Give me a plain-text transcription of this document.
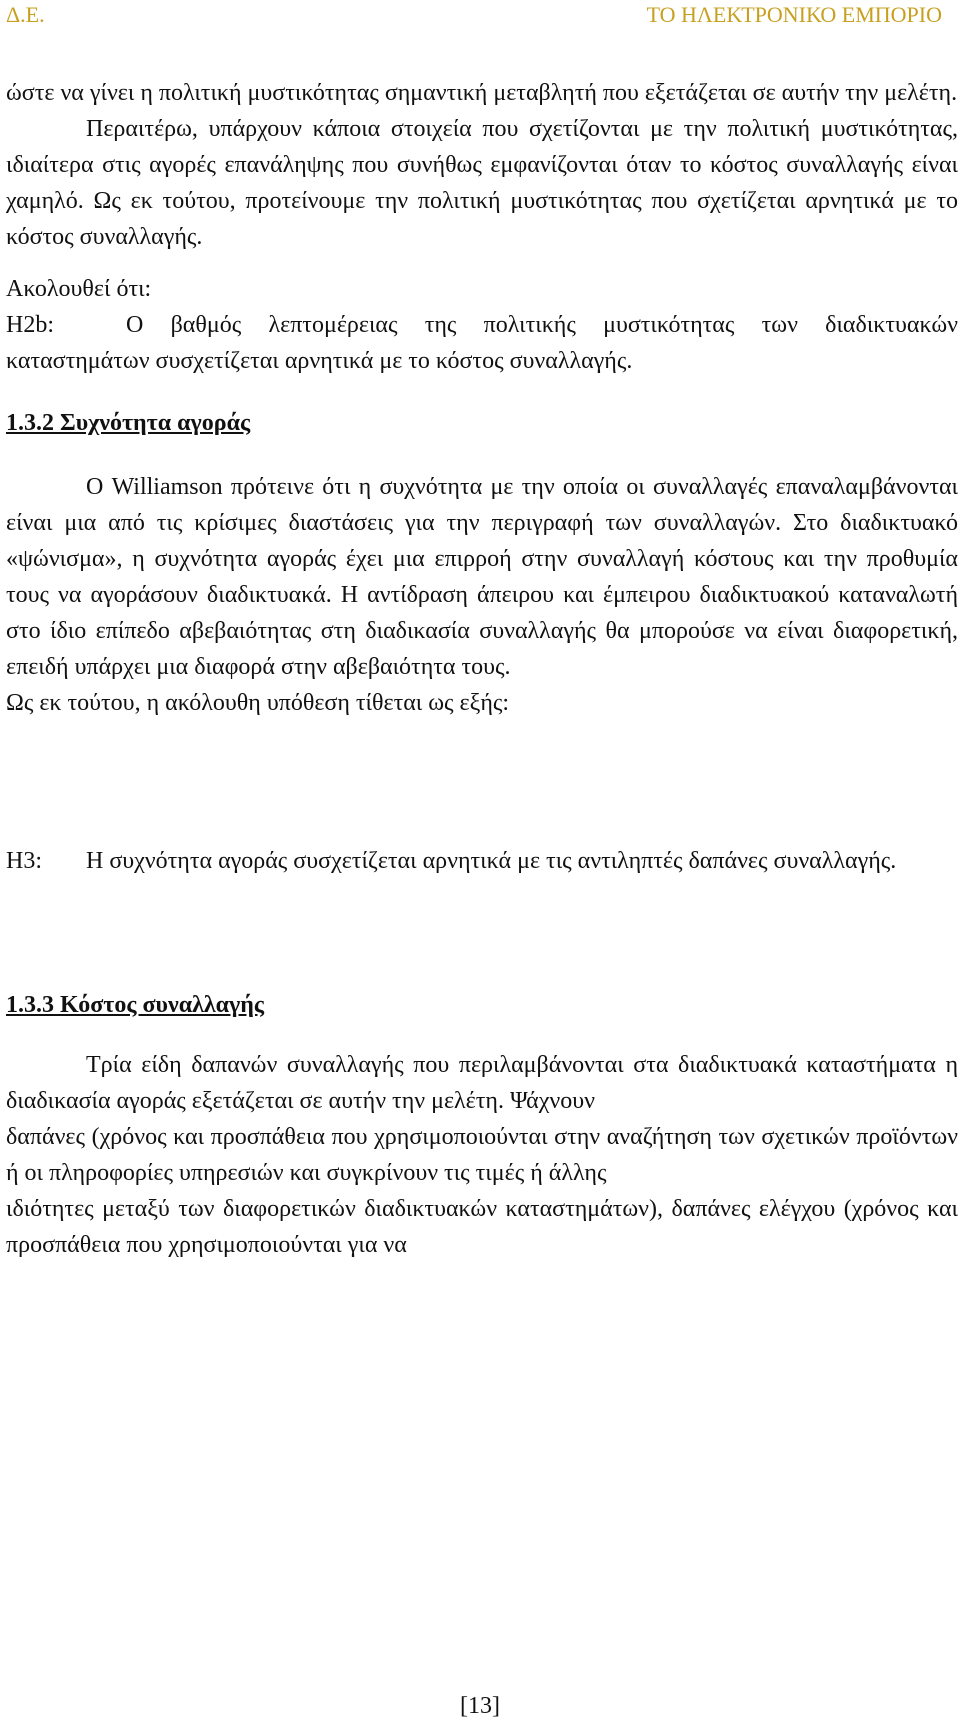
Δ.Ε.	ΤΟ ΗΛΕΚΤΡΟΝΙΚΟ ΕΜΠΟΡΙΟ

ώστε να γίνει η πολιτική μυστικότητας σημαντική μεταβλητή που εξετάζεται σε αυτήν την μελέτη.

Περαιτέρω, υπάρχουν κάποια στοιχεία που σχετίζονται με την πολιτική μυστικότητας, ιδιαίτερα στις αγορές επανάληψης που συνήθως εμφανίζονται όταν το κόστος συναλλαγής είναι χαμηλό. Ως εκ τούτου, προτείνουμε την πολιτική μυστικότητας που σχετίζεται αρνητικά με το κόστος συναλλαγής.

Ακολουθεί ότι:

H2b:	Ο βαθμός λεπτομέρειας της πολιτικής μυστικότητας των διαδικτυακών καταστημάτων συσχετίζεται αρνητικά με το κόστος συναλλαγής.

1.3.2 Συχνότητα αγοράς

Ο Williamson πρότεινε ότι η συχνότητα με την οποία οι συναλλαγές επαναλαμβάνονται είναι μια από τις κρίσιμες διαστάσεις για την περιγραφή των συναλλαγών. Στο διαδικτυακό «ψώνισμα», η συχνότητα αγοράς έχει μια επιρροή στην συναλλαγή κόστους και την προθυμία τους να αγοράσουν διαδικτυακά. Η αντίδραση άπειρου και έμπειρου διαδικτυακού καταναλωτή στο ίδιο επίπεδο αβεβαιότητας στη διαδικασία συναλλαγής θα μπορούσε να είναι διαφορετική, επειδή υπάρχει μια διαφορά στην αβεβαιότητα τους.

Ως εκ τούτου, η ακόλουθη υπόθεση τίθεται ως εξής:

H3: Η συχνότητα αγοράς συσχετίζεται αρνητικά με τις αντιληπτές δαπάνες συναλλαγής.

1.3.3 Κόστος συναλλαγής

Τρία είδη δαπανών συναλλαγής που περιλαμβάνονται στα διαδικτυακά καταστήματα η διαδικασία αγοράς εξετάζεται σε αυτήν την μελέτη. Ψάχνουν

δαπάνες (χρόνος και προσπάθεια που χρησιμοποιούνται στην αναζήτηση των σχετικών προϊόντων ή οι πληροφορίες υπηρεσιών και συγκρίνουν τις τιμές ή άλλης

ιδιότητες μεταξύ των διαφορετικών διαδικτυακών καταστημάτων), δαπάνες ελέγχου (χρόνος και προσπάθεια που χρησιμοποιούνται για να

[13]
